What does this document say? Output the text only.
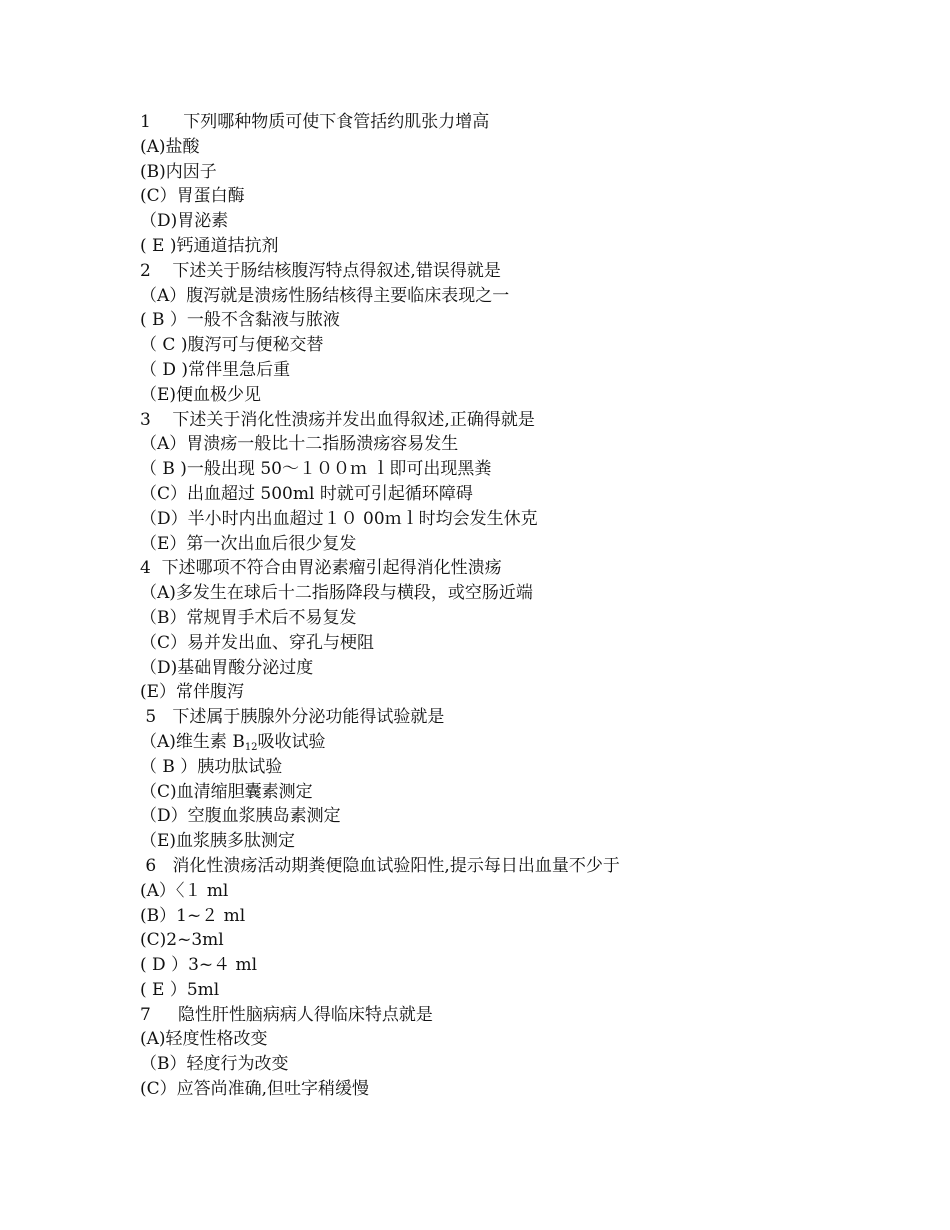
1      下列哪种物质可使下食管括约肌张力增高
(A)盐酸
(B)内因子
(C）胃蛋白酶
（D)胃泌素
( E )钙通道拮抗剂
2    下述关于肠结核腹泻特点得叙述,错误得就是
（A）腹泻就是溃疡性肠结核得主要临床表现之一
( B ）一般不含黏液与脓液
（ C )腹泻可与便秘交替
（ D )常伴里急后重
（E)便血极少见
3    下述关于消化性溃疡并发出血得叙述,正确得就是
（A）胃溃疡一般比十二指肠溃疡容易发生
（ B )一般出现 50～１００ｍ ｌ即可出现黑粪
（C）出血超过 500ml 时就可引起循环障碍
（D）半小时内出血超过１０ 00ｍｌ时均会发生休克
（E）第一次出血后很少复发
4  下述哪项不符合由胃泌素瘤引起得消化性溃疡
（A)多发生在球后十二指肠降段与横段，或空肠近端
（B）常规胃手术后不易复发
（C）易并发出血、穿孔与梗阻
（D)基础胃酸分泌过度
(E）常伴腹泻
5   下述属于胰腺外分泌功能得试验就是
（A)维生素 $B_{12}$吸收试验
（ B ）胰功肽试验
（C)血清缩胆囊素测定
（D）空腹血浆胰岛素测定
（E)血浆胰多肽测定
6   消化性溃疡活动期粪便隐血试验阳性,提示每日出血量不少于
(A）〈１ ml
(B）1~２ ml
(C)2~3ml
( D ）3~４ ml
( E ）5ml
7     隐性肝性脑病病人得临床特点就是
(A)轻度性格改变
（B）轻度行为改变
(C）应答尚准确,但吐字稍缓慢
